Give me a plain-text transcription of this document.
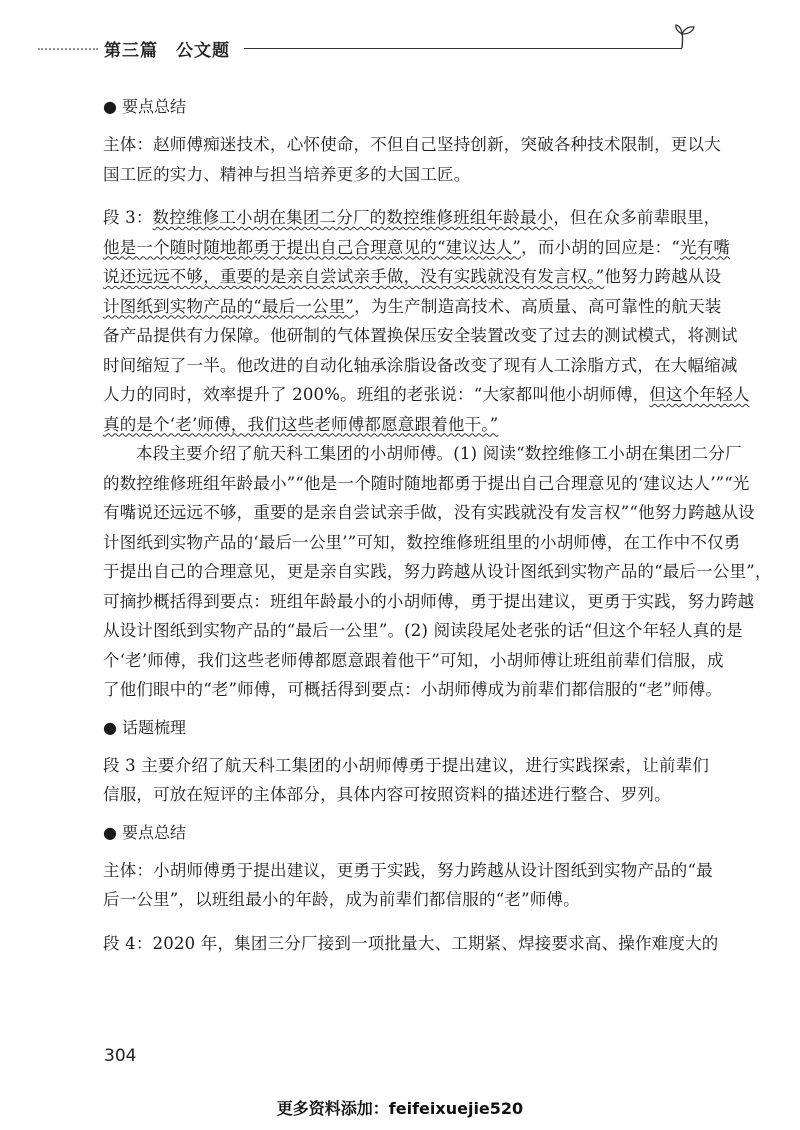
第三篇　公文题
● 要点总结
主体：赵师傅痴迷技术，心怀使命，不但自己坚持创新，突破各种技术限制，更以大
国工匠的实力、精神与担当培养更多的大国工匠。
段 3：数控维修工小胡在集团二分厂的数控维修班组年龄最小，但在众多前辈眼里，
他是一个随时随地都勇于提出自己合理意见的“建议达人”，而小胡的回应是：“光有嘴
说还远远不够，重要的是亲自尝试亲手做，没有实践就没有发言权。”他努力跨越从设
计图纸到实物产品的“最后一公里”，为生产制造高技术、高质量、高可靠性的航天装
备产品提供有力保障。他研制的气体置换保压安全装置改变了过去的测试模式，将测试
时间缩短了一半。他改进的自动化轴承涂脂设备改变了现有人工涂脂方式，在大幅缩减
人力的同时，效率提升了 200%。班组的老张说：“大家都叫他小胡师傅，但这个年轻人
真的是个‘老’师傅，我们这些老师傅都愿意跟着他干。”
本段主要介绍了航天科工集团的小胡师傅。(1) 阅读“数控维修工小胡在集团二分厂
的数控维修班组年龄最小”“他是一个随时随地都勇于提出自己合理意见的‘建议达人’”“光
有嘴说还远远不够，重要的是亲自尝试亲手做，没有实践就没有发言权”“他努力跨越从设
计图纸到实物产品的‘最后一公里’”可知，数控维修班组里的小胡师傅，在工作中不仅勇
于提出自己的合理意见，更是亲自实践，努力跨越从设计图纸到实物产品的“最后一公里”，
可摘抄概括得到要点：班组年龄最小的小胡师傅，勇于提出建议，更勇于实践，努力跨越
从设计图纸到实物产品的“最后一公里”。(2) 阅读段尾处老张的话“但这个年轻人真的是
个‘老’师傅，我们这些老师傅都愿意跟着他干”可知，小胡师傅让班组前辈们信服，成
了他们眼中的“老”师傅，可概括得到要点：小胡师傅成为前辈们都信服的“老”师傅。
● 话题梳理
段 3 主要介绍了航天科工集团的小胡师傅勇于提出建议，进行实践探索，让前辈们
信服，可放在短评的主体部分，具体内容可按照资料的描述进行整合、罗列。
● 要点总结
主体：小胡师傅勇于提出建议，更勇于实践，努力跨越从设计图纸到实物产品的“最
后一公里”，以班组最小的年龄，成为前辈们都信服的“老”师傅。
段 4：2020 年，集团三分厂接到一项批量大、工期紧、焊接要求高、操作难度大的
304
更多资料添加：feifeixuejie520
